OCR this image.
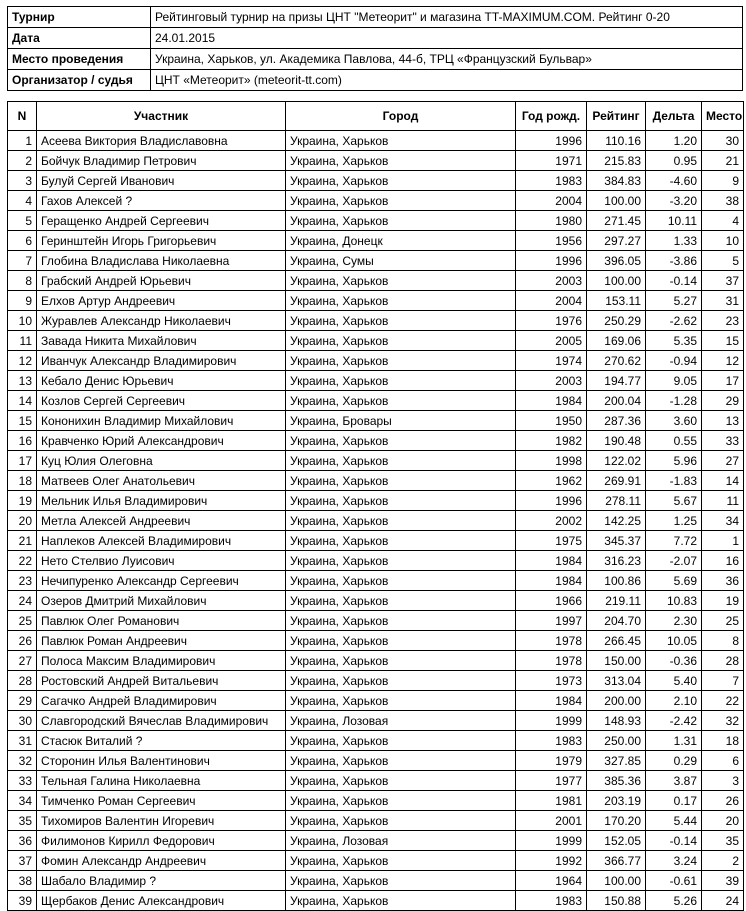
Турнир	Рейтинговый турнир на призы ЦНТ "Метеорит" и магазина TT-MAXIMUM.COM. Рейтинг 0-20
Дата	24.01.2015
Место проведения	Украина, Харьков, ул. Академика Павлова, 44-б, ТРЦ «Французский Бульвар»
Организатор / судья	ЦНТ «Метеорит» (meteorit-tt.com)
N	Участник	Город	Год рожд.	Рейтинг	Дельта	Место
1	Асеева Виктория Владиславовна	Украина, Харьков	1996	110.16	1.20	30
2	Бойчук Владимир Петрович	Украина, Харьков	1971	215.83	0.95	21
3	Булуй Сергей Иванович	Украина, Харьков	1983	384.83	-4.60	9
4	Гахов Алексей ?	Украина, Харьков	2004	100.00	-3.20	38
5	Геращенко Андрей Сергеевич	Украина, Харьков	1980	271.45	10.11	4
6	Геринштейн Игорь Григорьевич	Украина, Донецк	1956	297.27	1.33	10
7	Глобина Владислава Николаевна	Украина, Сумы	1996	396.05	-3.86	5
8	Грабский Андрей Юрьевич	Украина, Харьков	2003	100.00	-0.14	37
9	Елхов Артур Андреевич	Украина, Харьков	2004	153.11	5.27	31
10	Журавлев Александр Николаевич	Украина, Харьков	1976	250.29	-2.62	23
11	Завада Никита Михайлович	Украина, Харьков	2005	169.06	5.35	15
12	Иванчук Александр Владимирович	Украина, Харьков	1974	270.62	-0.94	12
13	Кебало Денис Юрьевич	Украина, Харьков	2003	194.77	9.05	17
14	Козлов Сергей Сергеевич	Украина, Харьков	1984	200.04	-1.28	29
15	Кононихин Владимир Михайлович	Украина, Бровары	1950	287.36	3.60	13
16	Кравченко Юрий Александрович	Украина, Харьков	1982	190.48	0.55	33
17	Куц Юлия Олеговна	Украина, Харьков	1998	122.02	5.96	27
18	Матвеев Олег Анатольевич	Украина, Харьков	1962	269.91	-1.83	14
19	Мельник Илья Владимирович	Украина, Харьков	1996	278.11	5.67	11
20	Метла Алексей Андреевич	Украина, Харьков	2002	142.25	1.25	34
21	Наплеков Алексей Владимирович	Украина, Харьков	1975	345.37	7.72	1
22	Нето Стелвио Луисович	Украина, Харьков	1984	316.23	-2.07	16
23	Нечипуренко Александр Сергеевич	Украина, Харьков	1984	100.86	5.69	36
24	Озеров Дмитрий Михайлович	Украина, Харьков	1966	219.11	10.83	19
25	Павлюк Олег Романович	Украина, Харьков	1997	204.70	2.30	25
26	Павлюк Роман Андреевич	Украина, Харьков	1978	266.45	10.05	8
27	Полоса Максим Владимирович	Украина, Харьков	1978	150.00	-0.36	28
28	Ростовский Андрей Витальевич	Украина, Харьков	1973	313.04	5.40	7
29	Сагачко Андрей Владимирович	Украина, Харьков	1984	200.00	2.10	22
30	Славгородский Вячеслав Владимирович	Украина, Лозовая	1999	148.93	-2.42	32
31	Стасюк Виталий ?	Украина, Харьков	1983	250.00	1.31	18
32	Сторонин Илья Валентинович	Украина, Харьков	1979	327.85	0.29	6
33	Тельная Галина Николаевна	Украина, Харьков	1977	385.36	3.87	3
34	Тимченко Роман Сергеевич	Украина, Харьков	1981	203.19	0.17	26
35	Тихомиров Валентин Игоревич	Украина, Харьков	2001	170.20	5.44	20
36	Филимонов Кирилл Федорович	Украина, Лозовая	1999	152.05	-0.14	35
37	Фомин Александр Андреевич	Украина, Харьков	1992	366.77	3.24	2
38	Шабало Владимир ?	Украина, Харьков	1964	100.00	-0.61	39
39	Щербаков Денис Александрович	Украина, Харьков	1983	150.88	5.26	24
